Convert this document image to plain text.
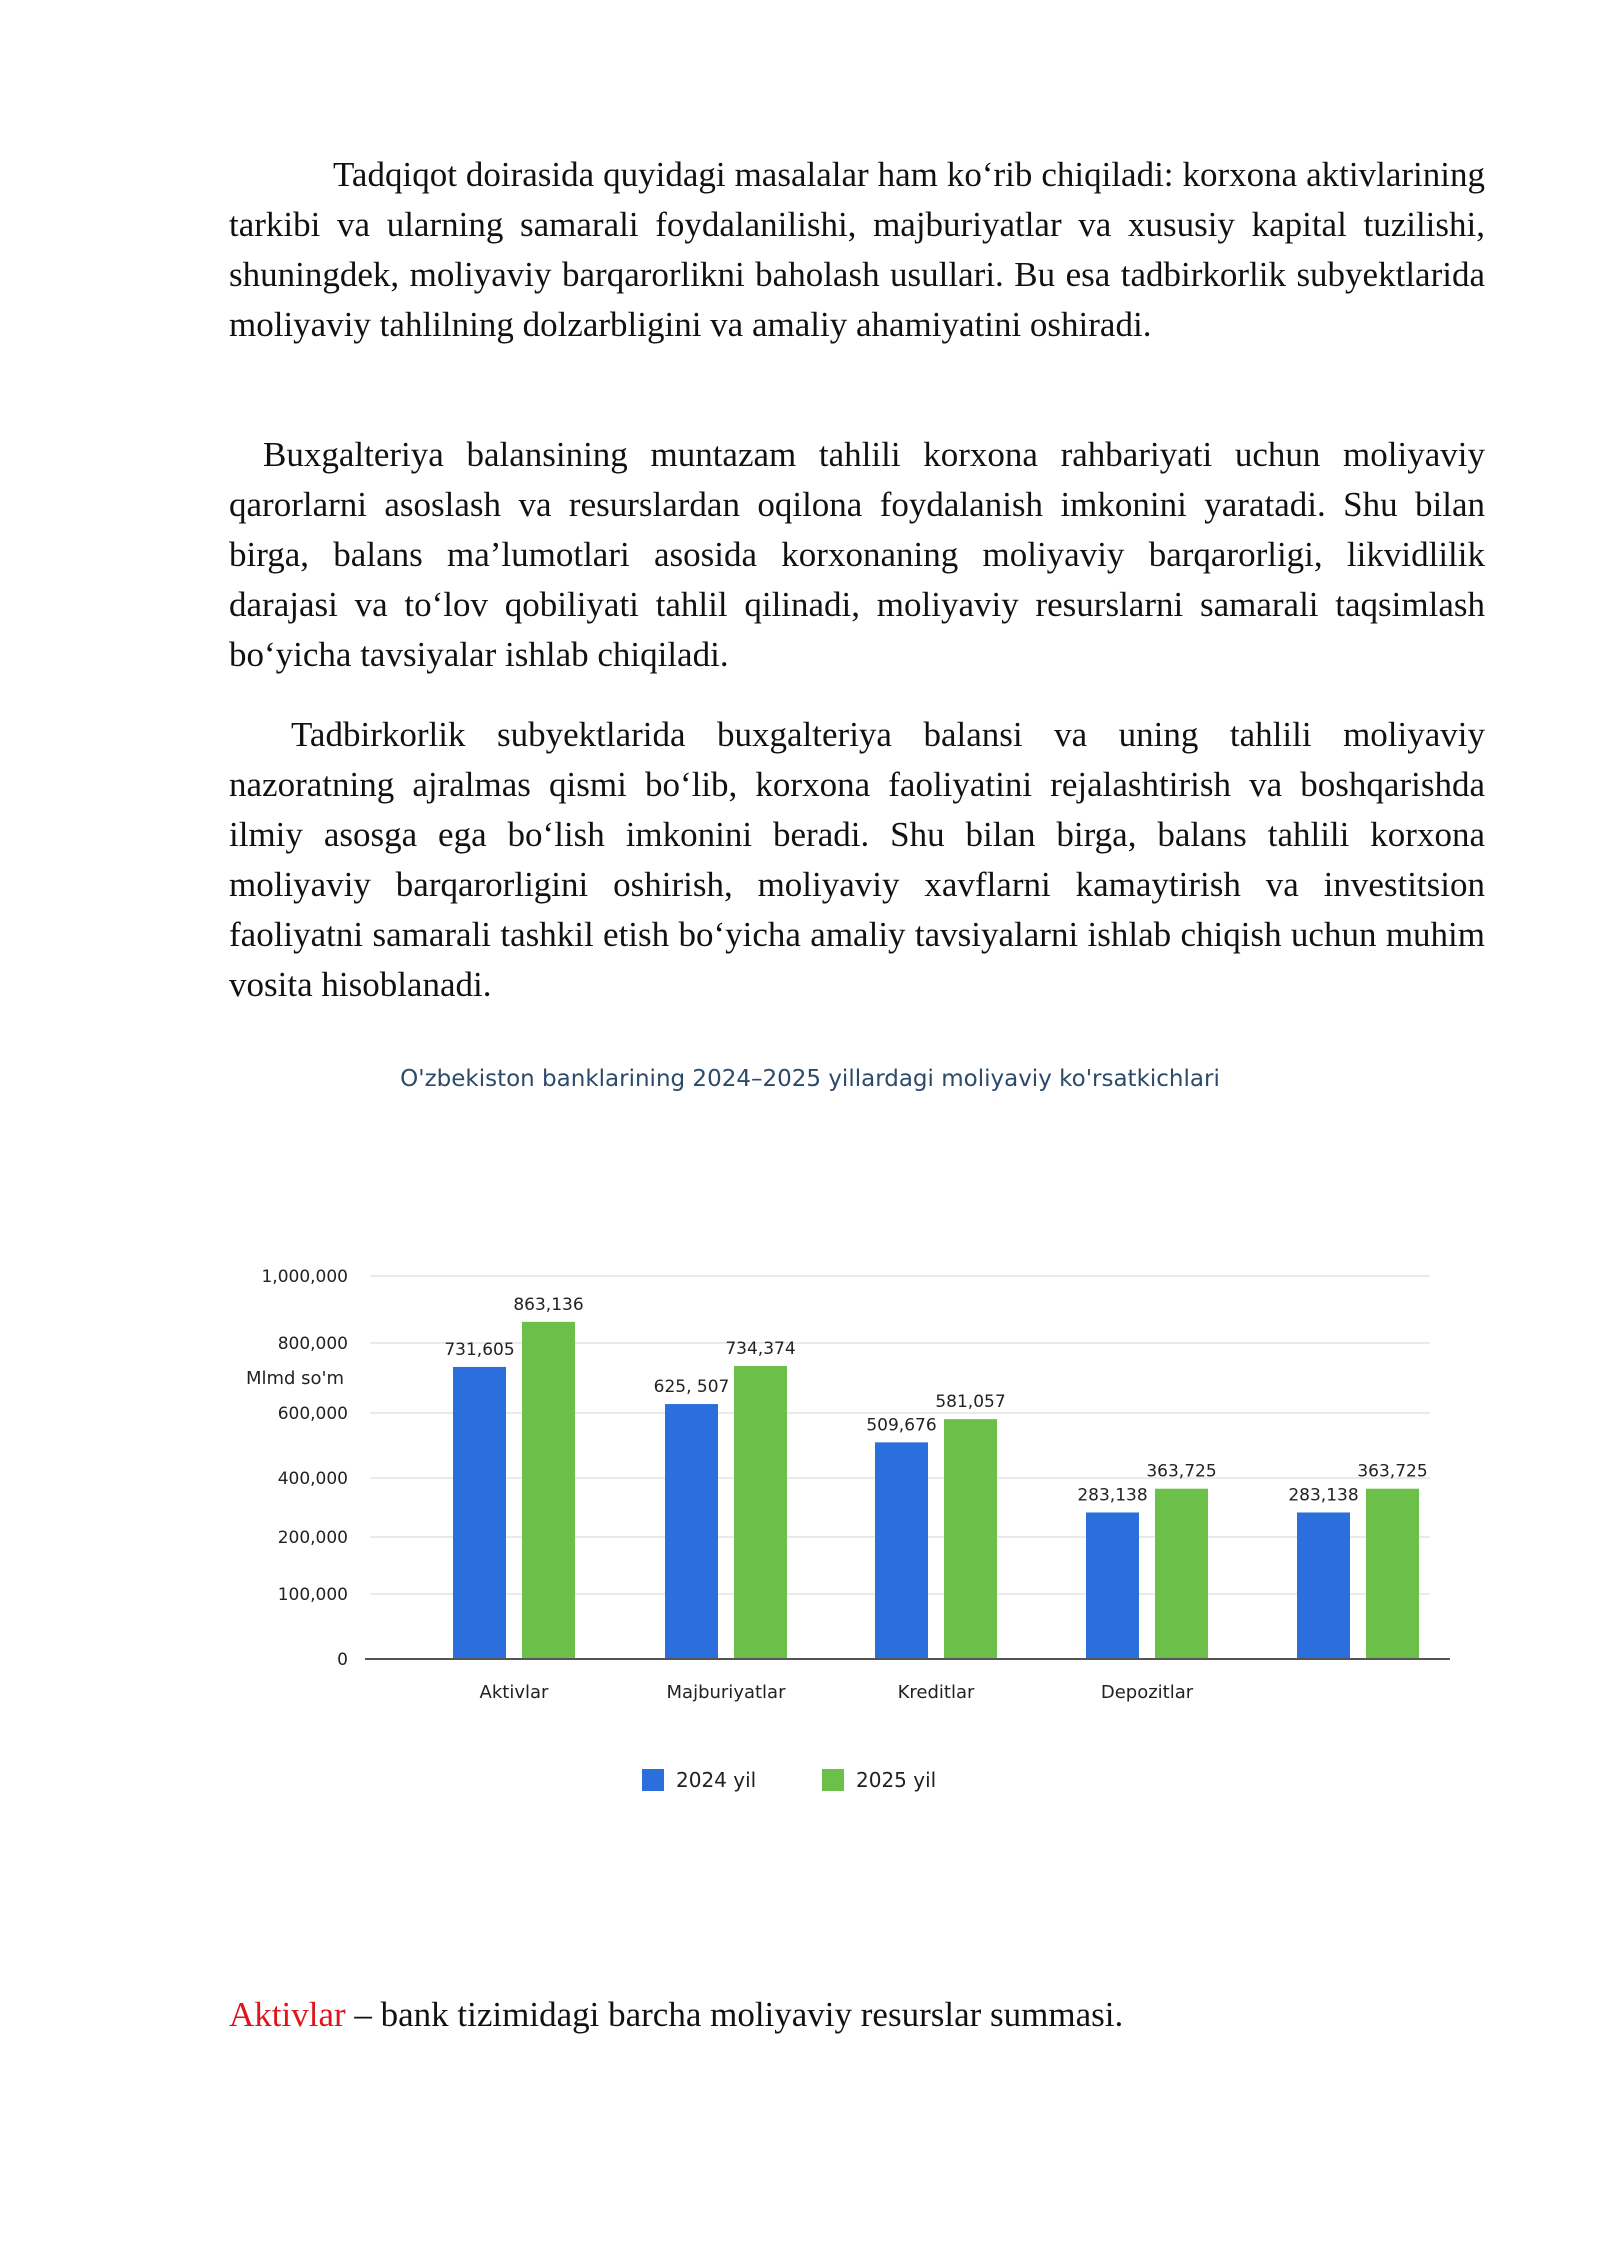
Tadqiqot doirasida quyidagi masalalar ham ko‘rib chiqiladi: korxona aktivlarining tarkibi va ularning samarali foydalanilishi, majburiyatlar va xususiy kapital tuzilishi, shuningdek, moliyaviy barqarorlikni baholash usullari. Bu esa tadbirkorlik subyektlarida moliyaviy tahlilning dolzarbligini va amaliy ahamiyatini oshiradi.

Buxgalteriya balansining muntazam tahlili korxona rahbariyati uchun moliyaviy qarorlarni asoslash va resurslardan oqilona foydalanish imkonini yaratadi. Shu bilan birga, balans ma’lumotlari asosida korxonaning moliyaviy barqarorligi, likvidlilik darajasi va to‘lov qobiliyati tahlil qilinadi, moliyaviy resurslarni samarali taqsimlash bo‘yicha tavsiyalar ishlab chiqiladi.

Tadbirkorlik subyektlarida buxgalteriya balansi va uning tahlili moliyaviy nazoratning ajralmas qismi bo‘lib, korxona faoliyatini rejalashtirish va boshqarishda ilmiy asosga ega bo‘lish imkonini beradi. Shu bilan birga, balans tahlili korxona moliyaviy barqarorligini oshirish, moliyaviy xavflarni kamaytirish va investitsion faoliyatni samarali tashkil etish bo‘yicha amaliy tavsiyalarni ishlab chiqish uchun muhim vosita hisoblanadi.

O'zbekiston banklarining 2024–2025 yillardagi moliyaviy ko'rsatkichlari
Mlmd so'm
0
100,000
200,000
400,000
600,000
800,000
1,000,000
731,605
863,136
625, 507
734,374
509,676
581,057
283,138
363,725
283,138
363,725
Aktivlar	Majburiyatlar	Kreditlar	Depozitlar
2024 yil	2025 yil

Aktivlar – bank tizimidagi barcha moliyaviy resurslar summasi.
